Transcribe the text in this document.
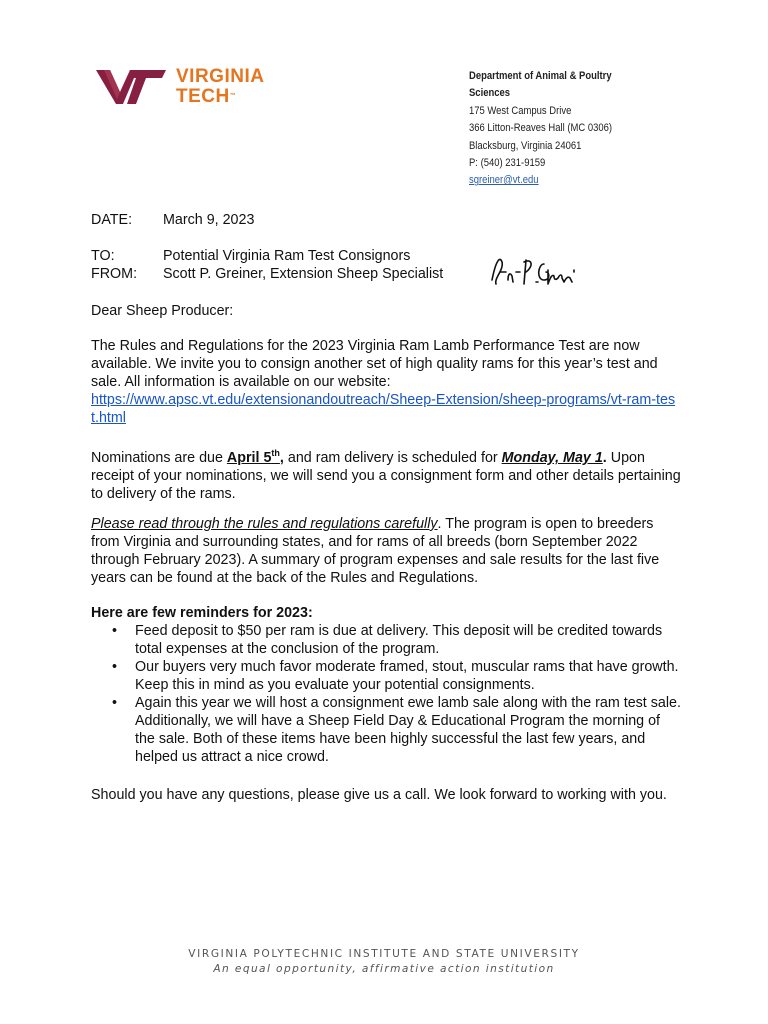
VIRGINIA
TECH™
Department of Animal & Poultry
Sciences
175 West Campus Drive
366 Litton-Reaves Hall (MC 0306)
Blacksburg, Virginia 24061
P: (540) 231-9159
sgreiner@vt.edu
DATE: March 9, 2023
TO:	Potential Virginia Ram Test Consignors
FROM: Scott P. Greiner, Extension Sheep Specialist
Dear Sheep Producer:
The Rules and Regulations for the 2023 Virginia Ram Lamb Performance Test are now available. We invite you to consign another set of high quality rams for this year’s test and sale. All information is available on our website:
https://www.apsc.vt.edu/extensionandoutreach/Sheep-Extension/sheep-programs/vt-ram-test.html
Nominations are due April 5th, and ram delivery is scheduled for Monday, May 1. Upon receipt of your nominations, we will send you a consignment form and other details pertaining to delivery of the rams.
Please read through the rules and regulations carefully. The program is open to breeders from Virginia and surrounding states, and for rams of all breeds (born September 2022 through February 2023). A summary of program expenses and sale results for the last five years can be found at the back of the Rules and Regulations.
Here are few reminders for 2023:
• Feed deposit to $50 per ram is due at delivery. This deposit will be credited towards total expenses at the conclusion of the program.
• Our buyers very much favor moderate framed, stout, muscular rams that have growth. Keep this in mind as you evaluate your potential consignments.
• Again this year we will host a consignment ewe lamb sale along with the ram test sale. Additionally, we will have a Sheep Field Day & Educational Program the morning of the sale. Both of these items have been highly successful the last few years, and helped us attract a nice crowd.
Should you have any questions, please give us a call. We look forward to working with you.
VIRGINIA POLYTECHNIC INSTITUTE AND STATE UNIVERSITY
An equal opportunity, affirmative action institution
